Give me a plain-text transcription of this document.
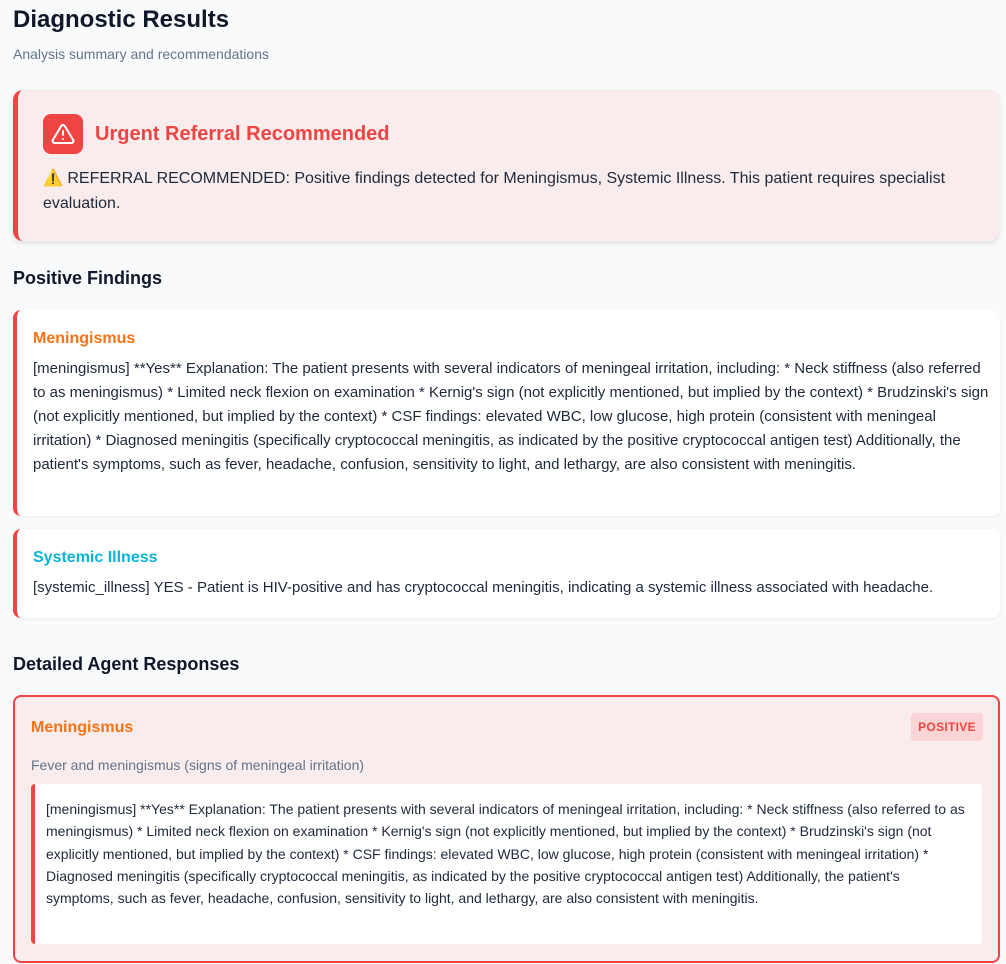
Diagnostic Results

Analysis summary and recommendations

Urgent Referral Recommended
⚠️ REFERRAL RECOMMENDED: Positive findings detected for Meningismus, Systemic Illness. This patient requires specialist evaluation.
Positive Findings
Meningismus
[meningismus] **Yes** Explanation: The patient presents with several indicators of meningeal irritation, including: * Neck stiffness (also referred to as meningismus) * Limited neck flexion on examination * Kernig's sign (not explicitly mentioned, but implied by the context) * Brudzinski's sign (not explicitly mentioned, but implied by the context) * CSF findings: elevated WBC, low glucose, high protein (consistent with meningeal irritation) * Diagnosed meningitis (specifically cryptococcal meningitis, as indicated by the positive cryptococcal antigen test) Additionally, the patient's symptoms, such as fever, headache, confusion, sensitivity to light, and lethargy, are also consistent with meningitis.
Systemic Illness
[systemic_illness] YES - Patient is HIV-positive and has cryptococcal meningitis, indicating a systemic illness associated with headache.
Detailed Agent Responses
Meningismus	POSITIVE
Fever and meningismus (signs of meningeal irritation)
[meningismus] **Yes** Explanation: The patient presents with several indicators of meningeal irritation, including: * Neck stiffness (also referred to as meningismus) * Limited neck flexion on examination * Kernig's sign (not explicitly mentioned, but implied by the context) * Brudzinski's sign (not explicitly mentioned, but implied by the context) * CSF findings: elevated WBC, low glucose, high protein (consistent with meningeal irritation) * Diagnosed meningitis (specifically cryptococcal meningitis, as indicated by the positive cryptococcal antigen test) Additionally, the patient's symptoms, such as fever, headache, confusion, sensitivity to light, and lethargy, are also consistent with meningitis.
